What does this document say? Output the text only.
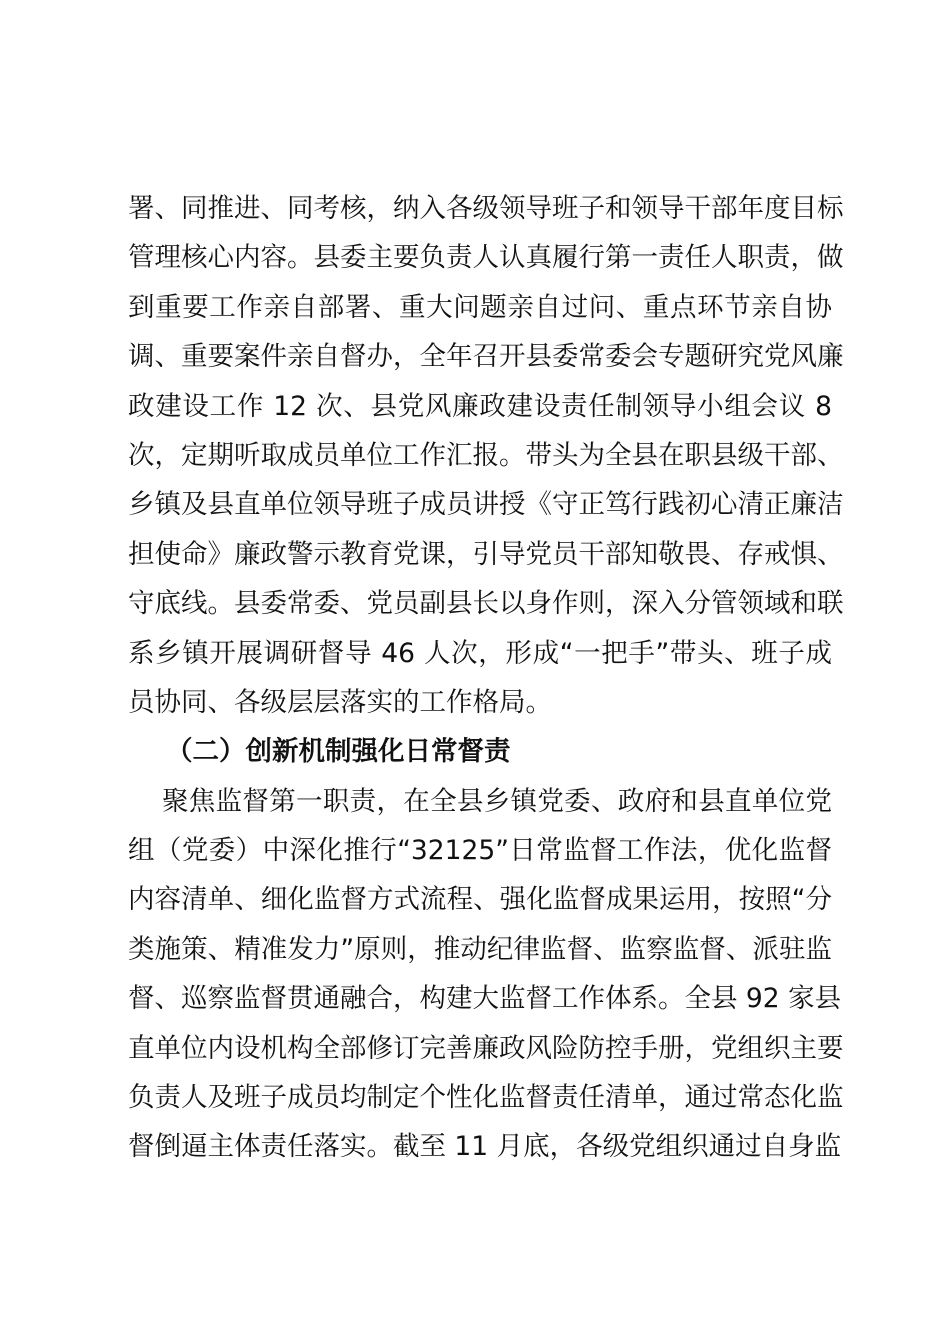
署、同推进、同考核，纳入各级领导班子和领导干部年度目标
管理核心内容。县委主要负责人认真履行第一责任人职责，做
到重要工作亲自部署、重大问题亲自过问、重点环节亲自协
调、重要案件亲自督办，全年召开县委常委会专题研究党风廉
政建设工作 12 次、县党风廉政建设责任制领导小组会议 8
次，定期听取成员单位工作汇报。带头为全县在职县级干部、
乡镇及县直单位领导班子成员讲授《守正笃行践初心清正廉洁
担使命》廉政警示教育党课，引导党员干部知敬畏、存戒惧、
守底线。县委常委、党员副县长以身作则，深入分管领域和联
系乡镇开展调研督导 46 人次，形成“一把手”带头、班子成
员协同、各级层层落实的工作格局。
（二）创新机制强化日常督责
聚焦监督第一职责，在全县乡镇党委、政府和县直单位党
组（党委）中深化推行“32125”日常监督工作法，优化监督
内容清单、细化监督方式流程、强化监督成果运用，按照“分
类施策、精准发力”原则，推动纪律监督、监察监督、派驻监
督、巡察监督贯通融合，构建大监督工作体系。全县 92 家县
直单位内设机构全部修订完善廉政风险防控手册，党组织主要
负责人及班子成员均制定个性化监督责任清单，通过常态化监
督倒逼主体责任落实。截至 11 月底，各级党组织通过自身监
